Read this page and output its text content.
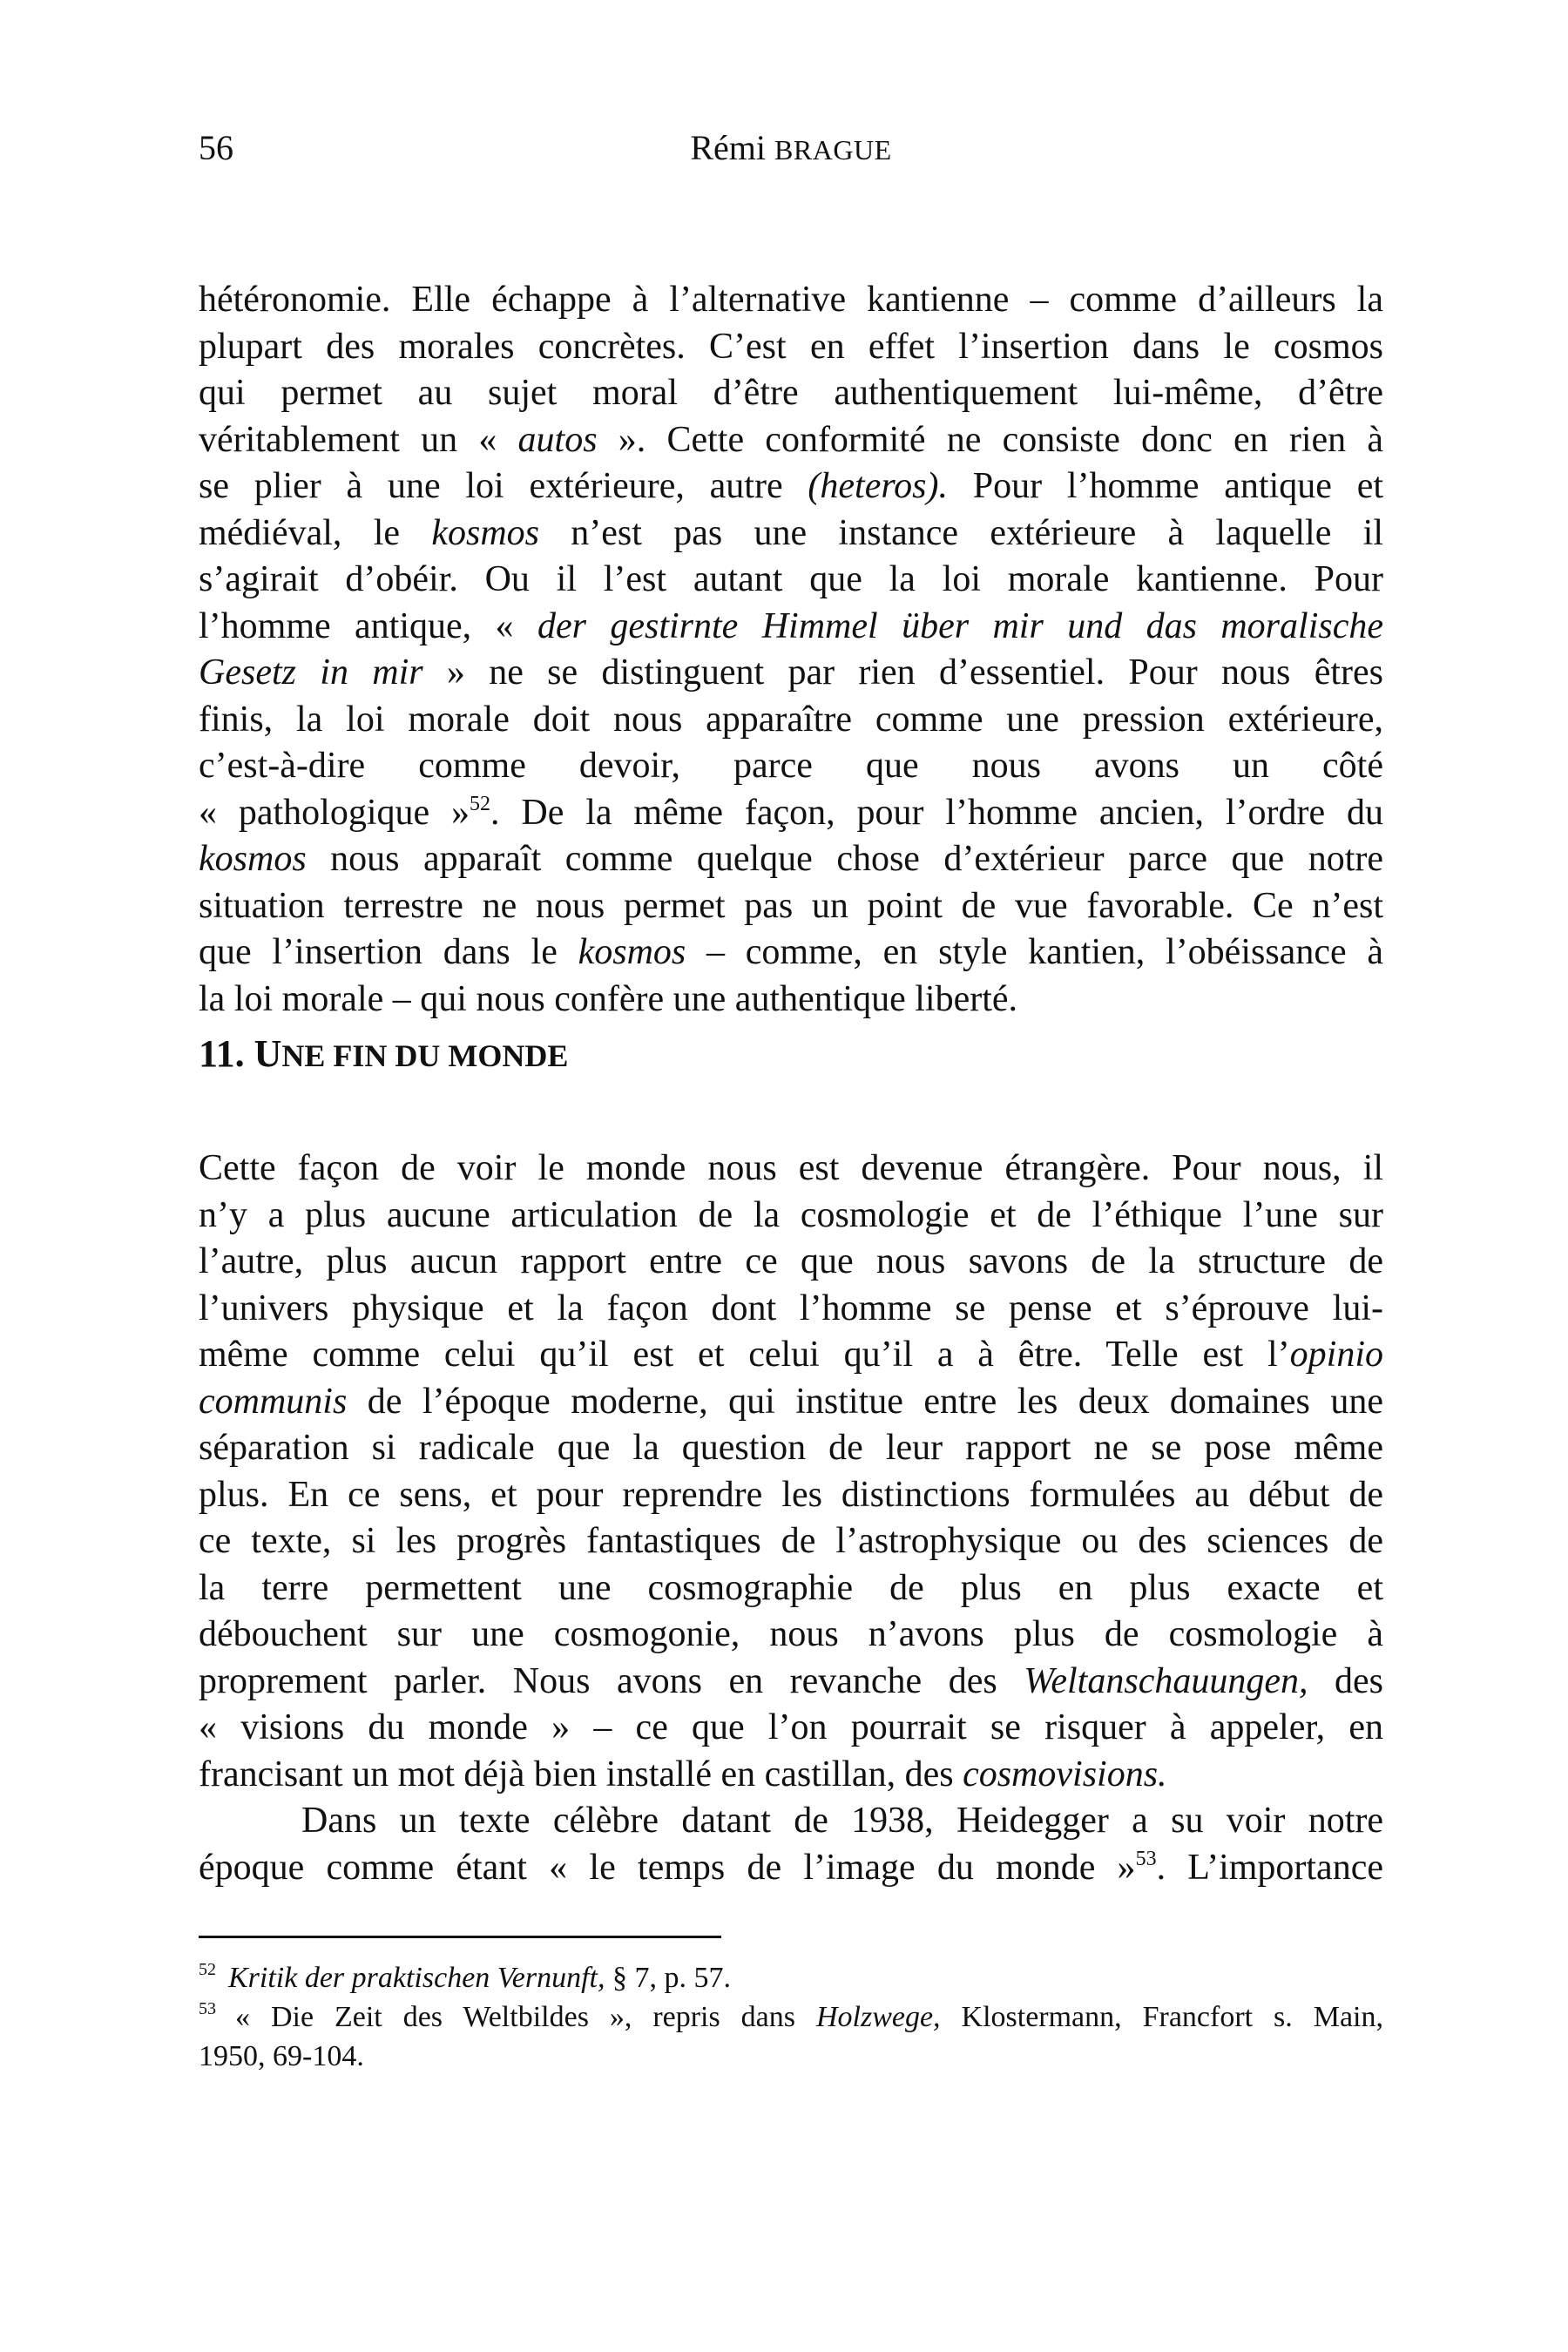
56	Rémi BRAGUE
hétéronomie. Elle échappe à l’alternative kantienne – comme d’ailleurs la
plupart des morales concrètes. C’est en effet l’insertion dans le cosmos
qui permet au sujet moral d’être authentiquement lui-même, d’être
véritablement un « autos ». Cette conformité ne consiste donc en rien à
se plier à une loi extérieure, autre (heteros). Pour l’homme antique et
médiéval, le kosmos n’est pas une instance extérieure à laquelle il
s’agirait d’obéir. Ou il l’est autant que la loi morale kantienne. Pour
l’homme antique, « der gestirnte Himmel über mir und das moralische
Gesetz in mir » ne se distinguent par rien d’essentiel. Pour nous êtres
finis, la loi morale doit nous apparaître comme une pression extérieure,
c’est-à-dire comme devoir, parce que nous avons un côté
« pathologique »$^{52}$. De la même façon, pour l’homme ancien, l’ordre du
kosmos nous apparaît comme quelque chose d’extérieur parce que notre
situation terrestre ne nous permet pas un point de vue favorable. Ce n’est
que l’insertion dans le kosmos – comme, en style kantien, l’obéissance à
la loi morale – qui nous confère une authentique liberté.
11. UNE FIN DU MONDE
Cette façon de voir le monde nous est devenue étrangère. Pour nous, il
n’y a plus aucune articulation de la cosmologie et de l’éthique l’une sur
l’autre, plus aucun rapport entre ce que nous savons de la structure de
l’univers physique et la façon dont l’homme se pense et s’éprouve lui-
même comme celui qu’il est et celui qu’il a à être. Telle est l’opinio
communis de l’époque moderne, qui institue entre les deux domaines une
séparation si radicale que la question de leur rapport ne se pose même
plus. En ce sens, et pour reprendre les distinctions formulées au début de
ce texte, si les progrès fantastiques de l’astrophysique ou des sciences de
la terre permettent une cosmographie de plus en plus exacte et
débouchent sur une cosmogonie, nous n’avons plus de cosmologie à
proprement parler. Nous avons en revanche des Weltanschauungen, des
« visions du monde » – ce que l’on pourrait se risquer à appeler, en
francisant un mot déjà bien installé en castillan, des cosmovisions.
Dans un texte célèbre datant de 1938, Heidegger a su voir notre
époque comme étant « le temps de l’image du monde »$^{53}$. L’importance
$^{52}$ Kritik der praktischen Vernunft, § 7, p. 57.
$^{53}$ « Die Zeit des Weltbildes », repris dans Holzwege, Klostermann, Francfort s. Main,
1950, 69-104.
